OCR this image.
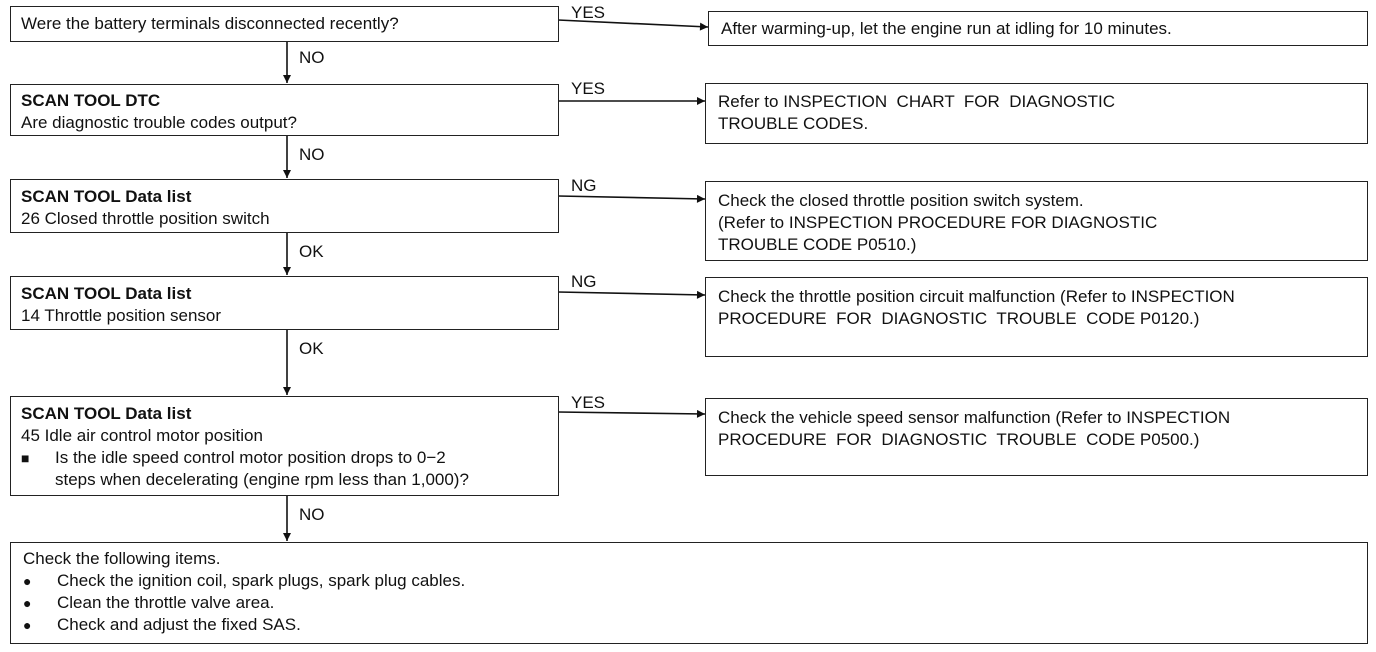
Were the battery terminals disconnected recently?	After warming-up, let the engine run at idling for 10 minutes.
YES
NO
SCAN TOOL DTC
Are diagnostic trouble codes output?
Refer to INSPECTION  CHART  FOR  DIAGNOSTIC
TROUBLE CODES.
YES
NO
SCAN TOOL Data list
26 Closed throttle position switch
Check the closed throttle position switch system.
(Refer to INSPECTION PROCEDURE FOR DIAGNOSTIC
TROUBLE CODE P0510.)
NG
OK
SCAN TOOL Data list
14 Throttle position sensor
Check the throttle position circuit malfunction (Refer to INSPECTION
PROCEDURE  FOR  DIAGNOSTIC  TROUBLE  CODE P0120.)
NG
OK
SCAN TOOL Data list
45 Idle air control motor position
■	Is the idle speed control motor position drops to 0−2
steps when decelerating (engine rpm less than 1,000)?
Check the vehicle speed sensor malfunction (Refer to INSPECTION
PROCEDURE  FOR  DIAGNOSTIC  TROUBLE  CODE P0500.)
YES
NO
Check the following items.
●	Check the ignition coil, spark plugs, spark plug cables.
●	Clean the throttle valve area.
●	Check and adjust the fixed SAS.
